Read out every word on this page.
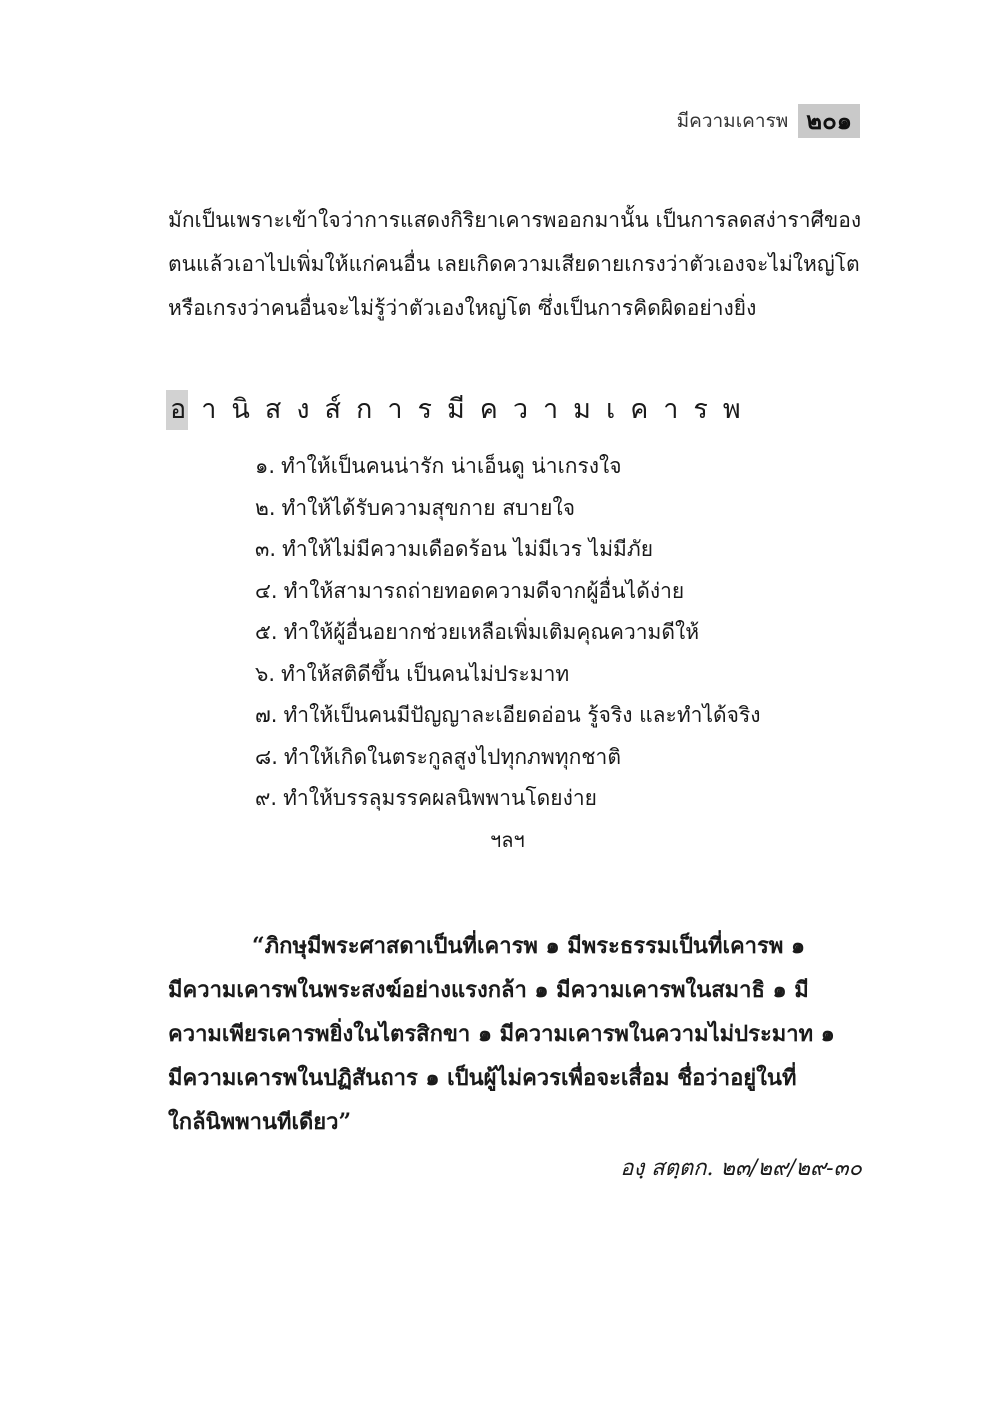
มีความเคารพ ๒๐๑

มักเป็นเพราะเข้าใจว่าการแสดงกิริยาเคารพออกมานั้น เป็นการลดสง่าราศีของ

ตนแล้วเอาไปเพิ่มให้แก่คนอื่น เลยเกิดความเสียดายเกรงว่าตัวเองจะไม่ใหญ่โต

หรือเกรงว่าคนอื่นจะไม่รู้ว่าตัวเองใหญ่โต ซึ่งเป็นการคิดผิดอย่างยิ่ง

อานิสงส์การมีความเคารพ
๑. ทำให้เป็นคนน่ารัก น่าเอ็นดู น่าเกรงใจ
๒. ทำให้ได้รับความสุขกาย สบายใจ
๓. ทำให้ไม่มีความเดือดร้อน ไม่มีเวร ไม่มีภัย
๔. ทำให้สามารถถ่ายทอดความดีจากผู้อื่นได้ง่าย
๕. ทำให้ผู้อื่นอยากช่วยเหลือเพิ่มเติมคุณความดีให้
๖. ทำให้สติดีขึ้น เป็นคนไม่ประมาท
๗. ทำให้เป็นคนมีปัญญาละเอียดอ่อน รู้จริง และทำได้จริง
๘. ทำให้เกิดในตระกูลสูงไปทุกภพทุกชาติ
๙. ทำให้บรรลุมรรคผลนิพพานโดยง่าย
ฯลฯ

“ภิกษุมีพระศาสดาเป็นที่เคารพ ๑ มีพระธรรมเป็นที่เคารพ ๑

มีความเคารพในพระสงฆ์อย่างแรงกล้า ๑ มีความเคารพในสมาธิ ๑ มี

ความเพียรเคารพยิ่งในไตรสิกขา ๑ มีความเคารพในความไม่ประมาท ๑

มีความเคารพในปฏิสันถาร ๑ เป็นผู้ไม่ควรเพื่อจะเสื่อม ชื่อว่าอยู่ในที่

ใกล้นิพพานทีเดียว”

องฺ สตฺตก. ๒๓/๒๙/๒๙-๓๐
